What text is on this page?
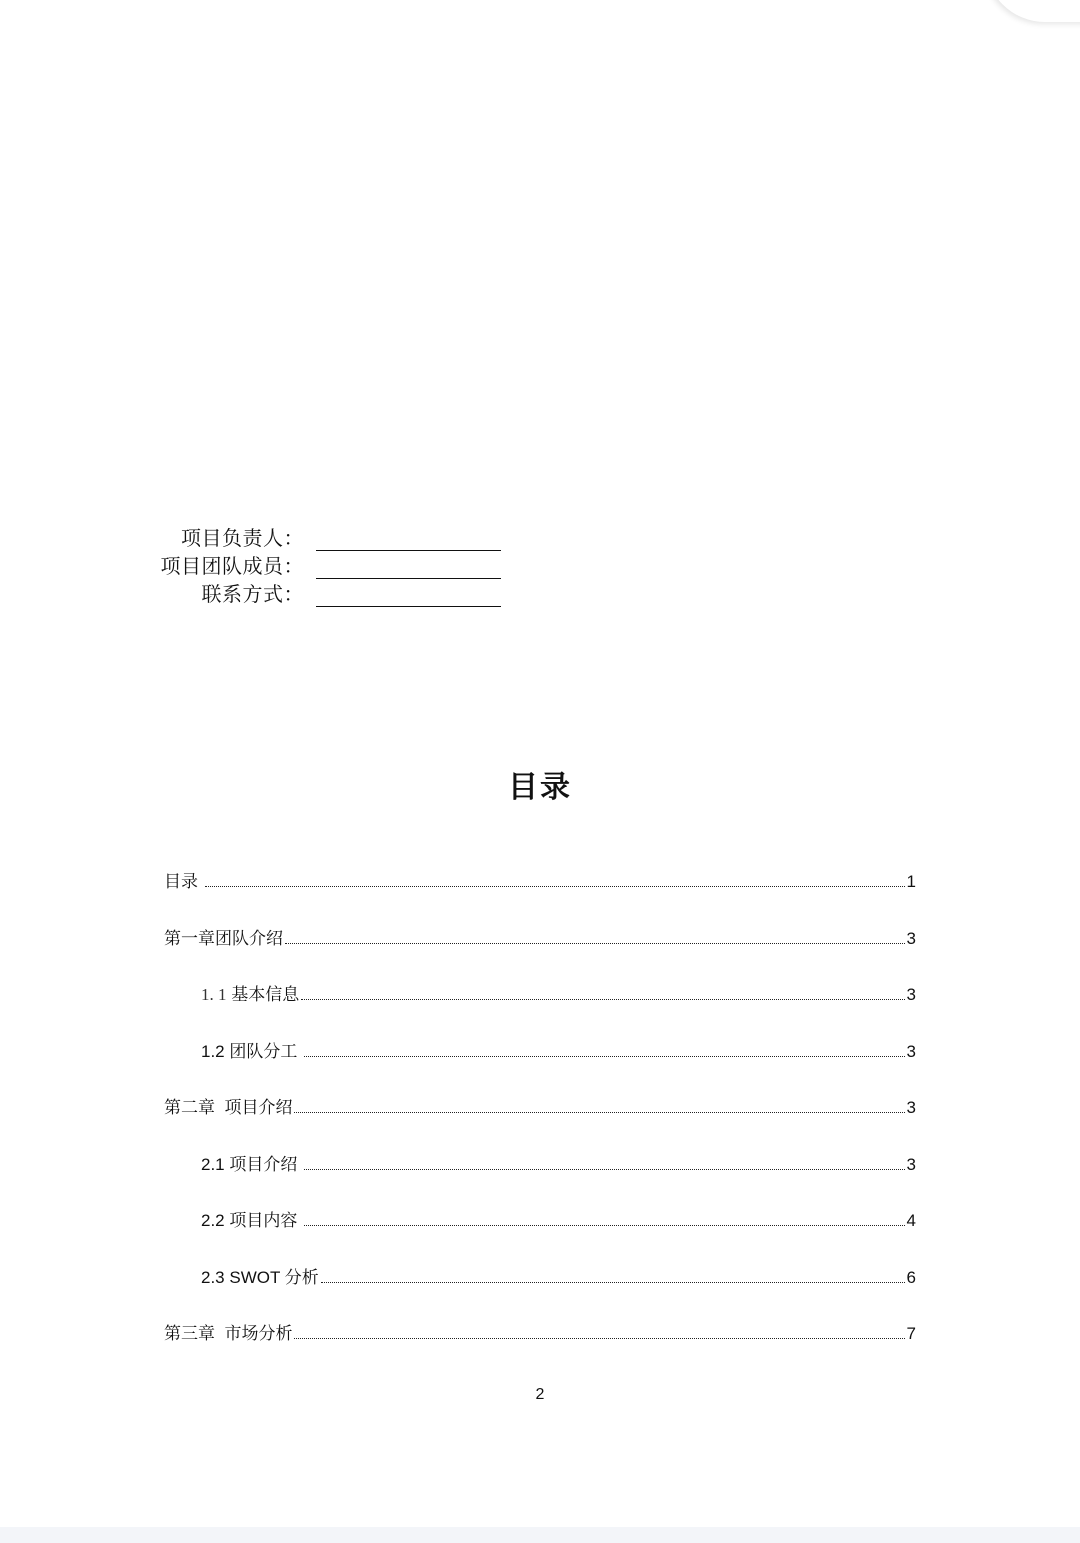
项目负责人：
项目团队成员：
联系方式：
目录
目录	1
第一章团队介绍	3
1. 1 基本信息	3
1.2 团队分工	3
第二章  项目介绍	3
2.1 项目介绍	3
2.2 项目内容	4
2.3 SWOT 分析	6
第三章  市场分析	7
2
